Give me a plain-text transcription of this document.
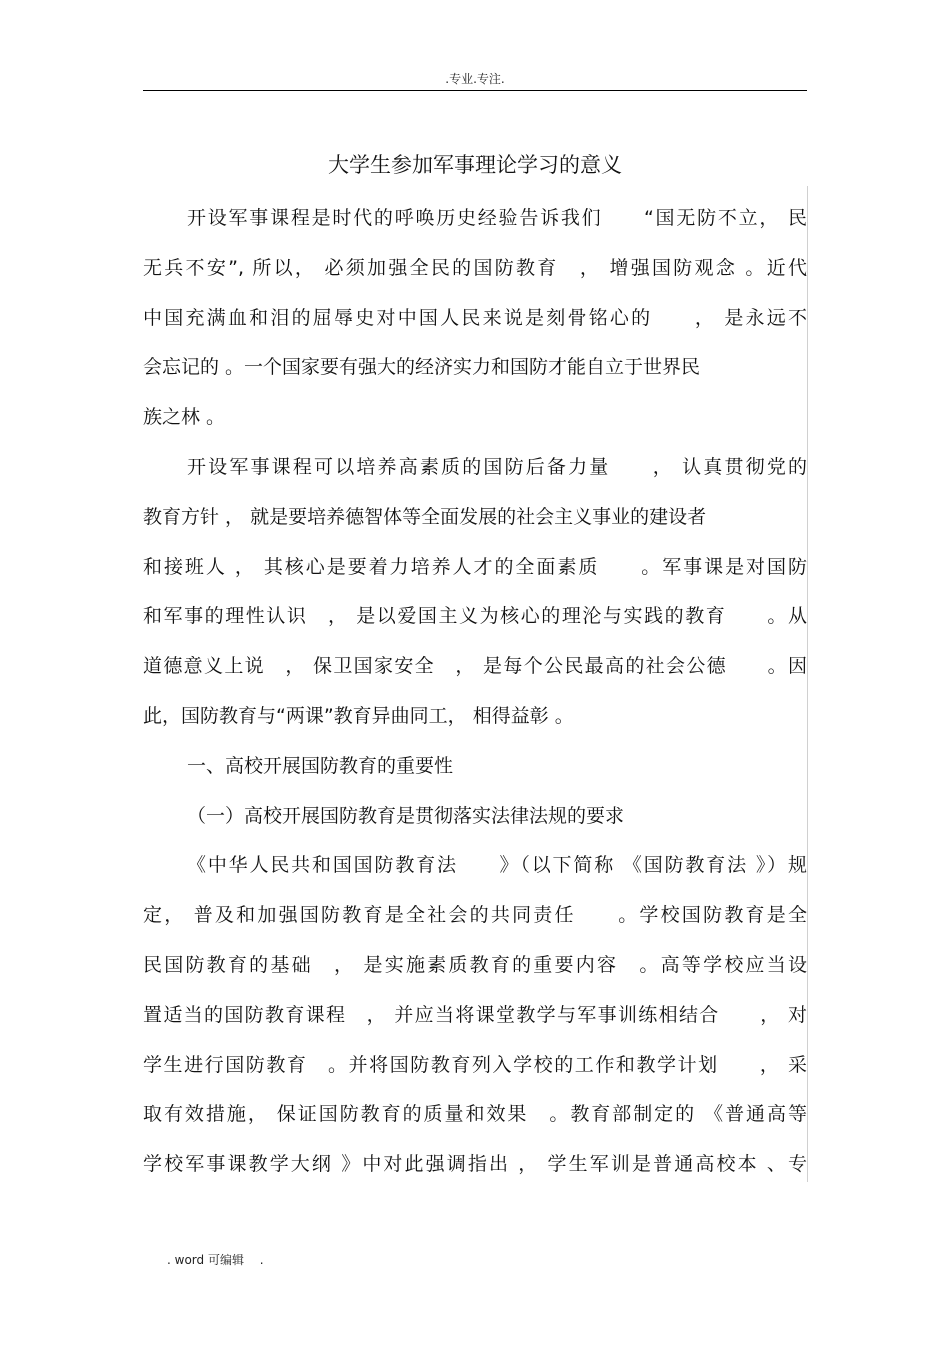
.专业.专注.
大学生参加军事理论学习的意义
开设军事课程是时代的呼唤历史经验告诉我们　　“国无防不立， 民
无兵不安”, 所以， 必须加强全民的国防教育　， 增强国防观念 。近代
中国充满血和泪的屈辱史对中国人民来说是刻骨铭心的　　， 是永远不
会忘记的 。一个国家要有强大的经济实力和国防才能自立于世界民
族之林 。
开设军事课程可以培养高素质的国防后备力量　　， 认真贯彻党的
教育方针 ， 就是要培养德智体等全面发展的社会主义事业的建设者
和接班人 ， 其核心是要着力培养人才的全面素质　　。军事课是对国防
和军事的理性认识　， 是以爱国主义为核心的理沦与实践的教育　　。从
道德意义上说　， 保卫国家安全　， 是每个公民最高的社会公德　　。因
此，国防教育与“两课”教育异曲同工， 相得益彰 。
一、高校开展国防教育的重要性
（一）高校开展国防教育是贯彻落实法律法规的要求
《中华人民共和国国防教育法　　》（以下简称 《国防教育法 》）规
定， 普及和加强国防教育是全社会的共同责任　　。学校国防教育是全
民国防教育的基础　， 是实施素质教育的重要内容　。高等学校应当设
置适当的国防教育课程　， 并应当将课堂教学与军事训练相结合　　， 对
学生进行国防教育　。并将国防教育列入学校的工作和教学计划　　， 采
取有效措施， 保证国防教育的质量和效果　。教育部制定的 《普通高等
学校军事课教学大纲 》中对此强调指出 ， 学生军训是普通高校本 、专
. word 可编辑　 .
